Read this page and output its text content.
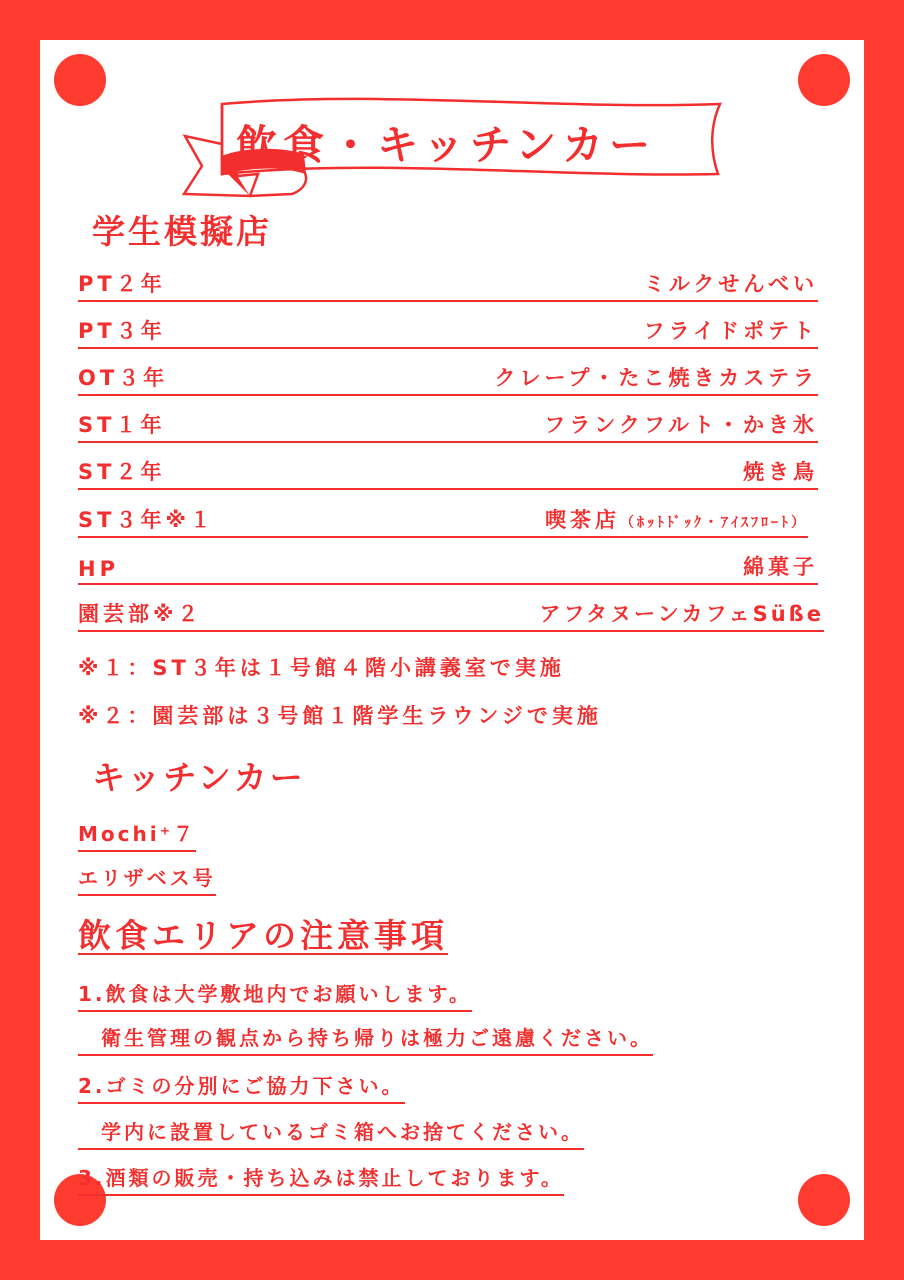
飲食・キッチンカー
学生模擬店
PT２年	ミルクせんべい
PT３年	フライドポテト
OT３年	クレープ・たこ焼きカステラ
ST１年	フランクフルト・かき氷
ST２年	焼き鳥
ST３年※１	喫茶店（ﾎｯﾄﾄﾞｯｸ・ｱｲｽﾌﾛｰﾄ）
HP	綿菓子
園芸部※２	アフタヌーンカフェSüße
※１：ST３年は１号館４階小講義室で実施
※２：園芸部は３号館１階学生ラウンジで実施
キッチンカー
Mochi⁺７
エリザベス号
飲食エリアの注意事項
1.飲食は大学敷地内でお願いします。
　衛生管理の観点から持ち帰りは極力ご遠慮ください。
2.ゴミの分別にご協力下さい。
　学内に設置しているゴミ箱へお捨てください。
3.酒類の販売・持ち込みは禁止しております。
